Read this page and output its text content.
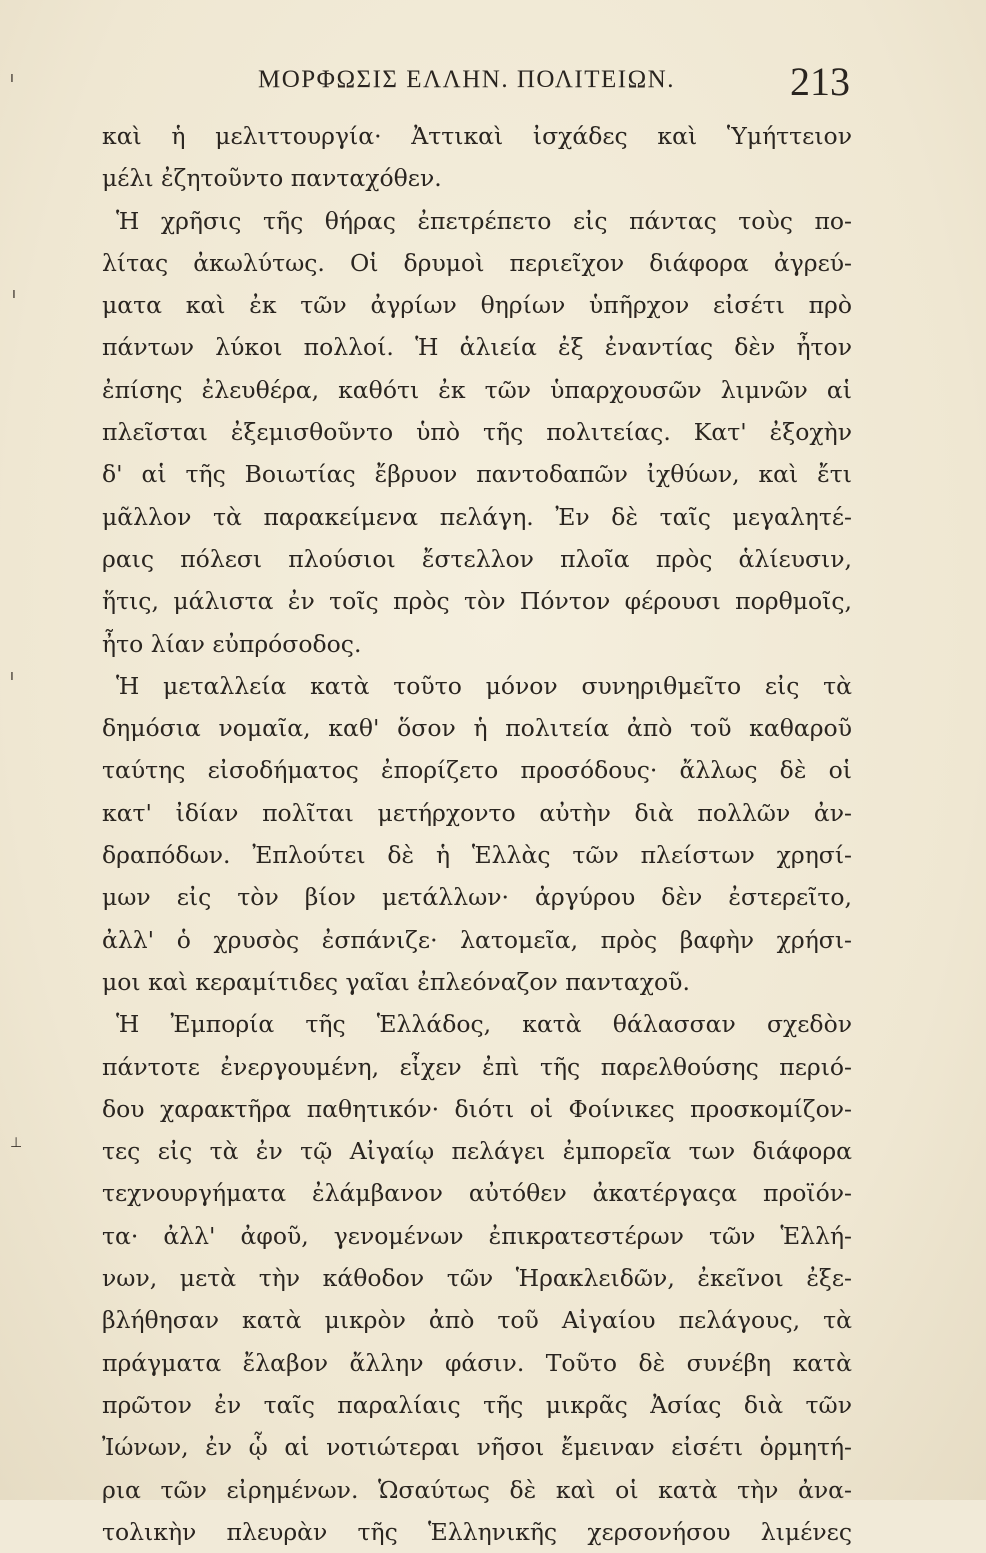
ΜΟΡΦΩΣΙΣ ΕΛΛΗΝ. ΠΟΛΙΤΕΙΩΝ.	213
ı
ı
ı
⊥
καὶ ἡ μελιττουργία· Ἀττικαὶ ἰσχάδες καὶ Ὑμήττειον
μέλι ἐζητοῦντο πανταχόθεν.
Ἡ χρῆσις τῆς θήρας ἐπετρέπετο εἰς πάντας τοὺς πο-
λίτας ἀκωλύτως. Οἱ δρυμοὶ περιεῖχον διάφορα ἀγρεύ-
ματα καὶ ἐκ τῶν ἀγρίων θηρίων ὑπῆρχον εἰσέτι πρὸ
πάντων λύκοι πολλοί. Ἡ ἁλιεία ἐξ ἐναντίας δὲν ἦτον
ἐπίσης ἐλευθέρα, καθότι ἐκ τῶν ὑπαρχουσῶν λιμνῶν αἱ
πλεῖσται ἐξεμισθοῦντο ὑπὸ τῆς πολιτείας. Κατ' ἐξοχὴν
δ' αἱ τῆς Βοιωτίας ἔβρυον παντοδαπῶν ἰχθύων, καὶ ἔτι
μᾶλλον τὰ παρακείμενα πελάγη. Ἐν δὲ ταῖς μεγαλητέ-
ραις πόλεσι πλούσιοι ἔστελλον πλοῖα πρὸς ἁλίευσιν,
ἥτις, μάλιστα ἐν τοῖς πρὸς τὸν Πόντον φέρουσι πορθμοῖς,
ἦτο λίαν εὐπρόσοδος.
Ἡ μεταλλεία κατὰ τοῦτο μόνον συνηριθμεῖτο εἰς τὰ
δημόσια νομαῖα, καθ' ὅσον ἡ πολιτεία ἀπὸ τοῦ καθαροῦ
ταύτης εἰσοδήματος ἐπορίζετο προσόδους· ἄλλως δὲ οἱ
κατ' ἰδίαν πολῖται μετήρχοντο αὐτὴν διὰ πολλῶν ἀν-
δραπόδων. Ἐπλούτει δὲ ἡ Ἑλλὰς τῶν πλείστων χρησί-
μων εἰς τὸν βίον μετάλλων· ἀργύρου δὲν ἐστερεῖτο,
ἀλλ' ὁ χρυσὸς ἐσπάνιζε· λατομεῖα, πρὸς βαφὴν χρήσι-
μοι καὶ κεραμίτιδες γαῖαι ἐπλεόναζον πανταχοῦ.
Ἡ Ἐμπορία τῆς Ἑλλάδος, κατὰ θάλασσαν σχεδὸν
πάντοτε ἐνεργουμένη, εἶχεν ἐπὶ τῆς παρελθούσης περιό-
δου χαρακτῆρα παθητικόν· διότι οἱ Φοίνικες προσκομίζον-
τες εἰς τὰ ἐν τῷ Αἰγαίῳ πελάγει ἐμπορεῖα των διάφορα
τεχνουργήματα ἐλάμβανον αὐτόθεν ἀκατέργαςα προϊόν-
τα· ἀλλ' ἀφοῦ, γενομένων ἐπικρατεστέρων τῶν Ἑλλή-
νων, μετὰ τὴν κάθοδον τῶν Ἡρακλειδῶν, ἐκεῖνοι ἐξε-
βλήθησαν κατὰ μικρὸν ἀπὸ τοῦ Αἰγαίου πελάγους, τὰ
πράγματα ἔλαβον ἄλλην φάσιν. Τοῦτο δὲ συνέβη κατὰ
πρῶτον ἐν ταῖς παραλίαις τῆς μικρᾶς Ἀσίας διὰ τῶν
Ἰώνων, ἐν ᾧ αἱ νοτιώτεραι νῆσοι ἔμειναν εἰσέτι ὁρμητή-
ρια τῶν εἰρημένων. Ὡσαύτως δὲ καὶ οἱ κατὰ τὴν ἀνα-
τολικὴν πλευρὰν τῆς Ἑλληνικῆς χερσονήσου λιμένες
